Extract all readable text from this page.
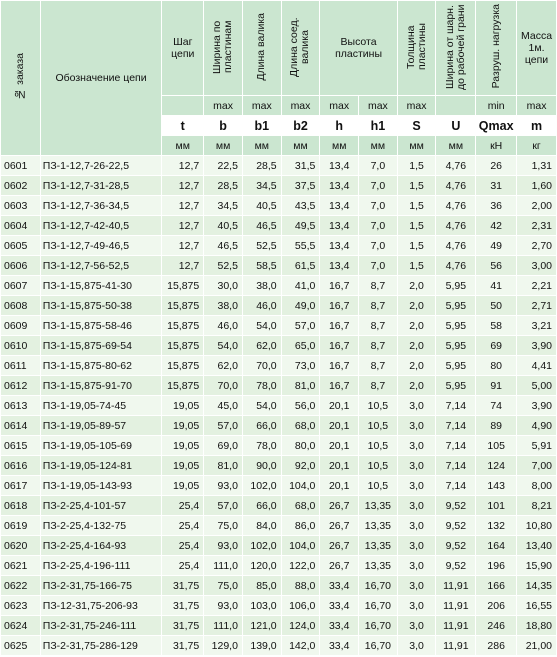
№ заказа	Обозначение цепи	Шаг цепи	Ширина по пластинам	Длина валика	Длина соед. валика	Высота пластины		Толщина пластины	Ширина от шарн. до рабочей грани	Разруш. нагрузка	Масса 1м. цепи
			max	max	max	max	max	max		min	max
		t	b	b1	b2	h	h1	S	U	Qmax	m
		мм	мм	мм	мм	мм	мм	мм	мм	кН	кг
0601	ПЗ-1-12,7-26-22,5	12,7	22,5	28,5	31,5	13,4	7,0	1,5	4,76	26	1,31
0602	ПЗ-1-12,7-31-28,5	12,7	28,5	34,5	37,5	13,4	7,0	1,5	4,76	31	1,60
0603	ПЗ-1-12,7-36-34,5	12,7	34,5	40,5	43,5	13,4	7,0	1,5	4,76	36	2,00
0604	ПЗ-1-12,7-42-40,5	12,7	40,5	46,5	49,5	13,4	7,0	1,5	4,76	42	2,31
0605	ПЗ-1-12,7-49-46,5	12,7	46,5	52,5	55,5	13,4	7,0	1,5	4,76	49	2,70
0606	ПЗ-1-12,7-56-52,5	12,7	52,5	58,5	61,5	13,4	7,0	1,5	4,76	56	3,00
0607	ПЗ-1-15,875-41-30	15,875	30,0	38,0	41,0	16,7	8,7	2,0	5,95	41	2,21
0608	ПЗ-1-15,875-50-38	15,875	38,0	46,0	49,0	16,7	8,7	2,0	5,95	50	2,71
0609	ПЗ-1-15,875-58-46	15,875	46,0	54,0	57,0	16,7	8,7	2,0	5,95	58	3,21
0610	ПЗ-1-15,875-69-54	15,875	54,0	62,0	65,0	16,7	8,7	2,0	5,95	69	3,90
0611	ПЗ-1-15,875-80-62	15,875	62,0	70,0	73,0	16,7	8,7	2,0	5,95	80	4,41
0612	ПЗ-1-15,875-91-70	15,875	70,0	78,0	81,0	16,7	8,7	2,0	5,95	91	5,00
0613	ПЗ-1-19,05-74-45	19,05	45,0	54,0	56,0	20,1	10,5	3,0	7,14	74	3,90
0614	ПЗ-1-19,05-89-57	19,05	57,0	66,0	68,0	20,1	10,5	3,0	7,14	89	4,90
0615	ПЗ-1-19,05-105-69	19,05	69,0	78,0	80,0	20,1	10,5	3,0	7,14	105	5,91
0616	ПЗ-1-19,05-124-81	19,05	81,0	90,0	92,0	20,1	10,5	3,0	7,14	124	7,00
0617	ПЗ-1-19,05-143-93	19,05	93,0	102,0	104,0	20,1	10,5	3,0	7,14	143	8,00
0618	ПЗ-2-25,4-101-57	25,4	57,0	66,0	68,0	26,7	13,35	3,0	9,52	101	8,21
0619	ПЗ-2-25,4-132-75	25,4	75,0	84,0	86,0	26,7	13,35	3,0	9,52	132	10,80
0620	ПЗ-2-25,4-164-93	25,4	93,0	102,0	104,0	26,7	13,35	3,0	9,52	164	13,40
0621	ПЗ-2-25,4-196-111	25,4	111,0	120,0	122,0	26,7	13,35	3,0	9,52	196	15,90
0622	ПЗ-2-31,75-166-75	31,75	75,0	85,0	88,0	33,4	16,70	3,0	11,91	166	14,35
0623	ПЗ-12-31,75-206-93	31,75	93,0	103,0	106,0	33,4	16,70	3,0	11,91	206	16,55
0624	ПЗ-2-31,75-246-111	31,75	111,0	121,0	124,0	33,4	16,70	3,0	11,91	246	18,80
0625	ПЗ-2-31,75-286-129	31,75	129,0	139,0	142,0	33,4	16,70	3,0	11,91	286	21,00
